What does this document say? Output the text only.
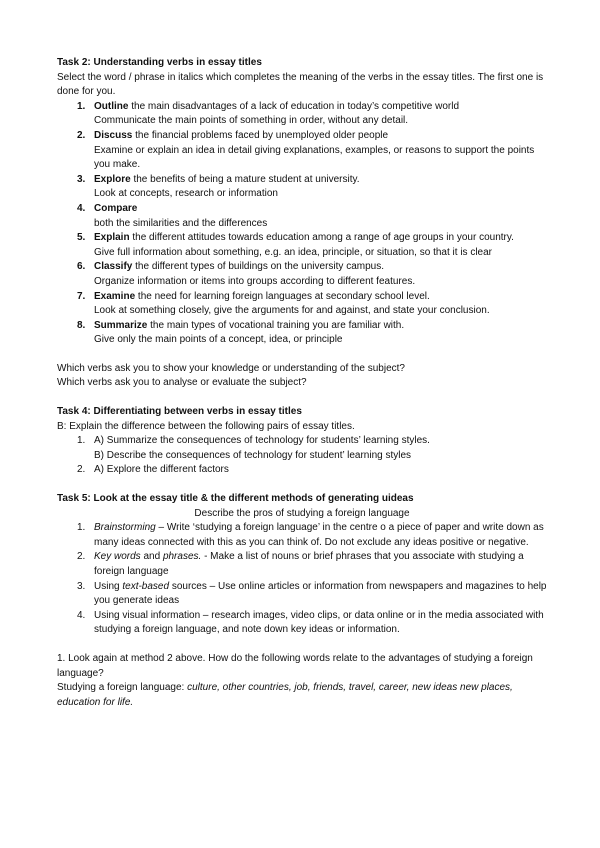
Task 2: Understanding verbs in essay titles

Select the word / phrase in italics which completes the meaning of the verbs in the essay titles. The first one is done for you.

1. Outline the main disadvantages of a lack of education in today’s competitive world

Communicate the main points of something in order, without any detail.

2. Discuss the financial problems faced by unemployed older people

Examine or explain an idea in detail giving explanations, examples, or reasons to support the points you make.

3. Explore the benefits of being a mature student at university.

Look at concepts, research or information

4. Compare

both the similarities and the differences

5. Explain the different attitudes towards education among a range of age groups in your country.

Give full information about something, e.g. an idea, principle, or situation, so that it is clear

6. Classify the different types of buildings on the university campus.

Organize information or items into groups according to different features.

7. Examine the need for learning foreign languages at secondary school level.

Look at something closely, give the arguments for and against, and state your conclusion.

8. Summarize the main types of vocational training you are familiar with.

Give only the main points of a concept, idea, or principle

Which verbs ask you to show your knowledge or understanding of the subject?

Which verbs ask you to analyse or evaluate the subject?

Task 4: Differentiating between verbs in essay titles

B: Explain the difference between the following pairs of essay titles.

1. A) Summarize the consequences of technology for students’ learning styles.

B) Describe the consequences of technology for student’ learning styles

2. A) Explore the different factors

Task 5: Look at the essay title & the different methods of generating uideas

Describe the pros of studying a foreign language

1. Brainstorming – Write ‘studying a foreign language’ in the centre o a piece of paper and write down as many ideas connected with this as you can think of. Do not exclude any ideas positive or negative.

2. Key words and phrases. - Make a list of nouns or brief phrases that you associate with studying a foreign language

3. Using text-based sources – Use online articles or information from newspapers and magazines to help you generate ideas

4. Using visual information – research images, video clips, or data online or in the media associated with studying a foreign language, and note down key ideas or information.

1. Look again at method 2 above. How do the following words relate to the advantages of studying a foreign language?

Studying a foreign language: culture, other countries, job, friends, travel, career, new ideas new places, education for life.
